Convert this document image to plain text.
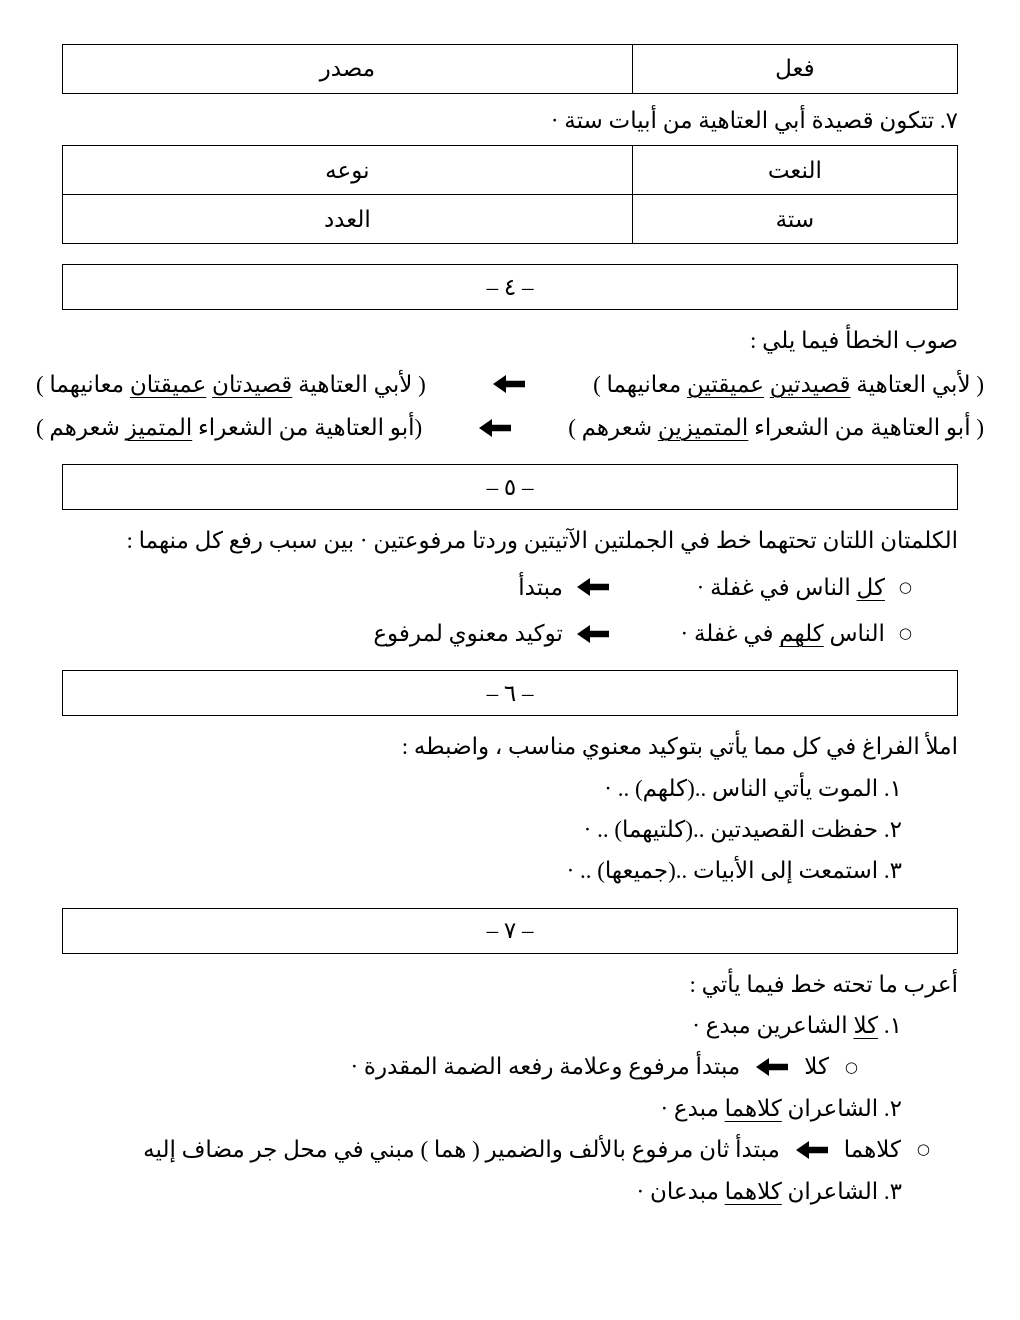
فعل	مصدر

٧. تتكون قصيدة أبي العتاهية من أبيات ستة ·

النعت	نوعه
ستة	العدد
– ٤ –

صوب الخطأ فيما يلي :

( لأبي العتاهية قصيدتين عميقتين معانيهما )
( لأبي العتاهية قصيدتان عميقتان معانيهما )
( أبو العتاهية من الشعراء المتميزين شعرهم )
(أبو العتاهية من الشعراء المتميز شعرهم )
– ٥ –

الكلمتان اللتان تحتهما خط في الجملتين الآتيتين وردتا مرفوعتين · بين سبب رفع كل منهما :

○
كل الناس في غفلة ·
مبتدأ
○
الناس كلهم في غفلة ·
توكيد معنوي لمرفوع
– ٦ –

املأ الفراغ في كل مما يأتي بتوكيد معنوي مناسب ، واضبطه :

١. الموت يأتي الناس ..(كلهم) .. ·

٢. حفظت القصيدتين ..(كلتيهما) .. ·

٣. استمعت إلى الأبيات ..(جميعها) .. ·

– ٧ –

أعرب ما تحته خط فيما يأتي :

١. كلا الشاعرين مبدع ·

○
كلا
مبتدأ مرفوع وعلامة رفعه الضمة المقدرة ·

٢. الشاعران كلاهما مبدع ·

○
كلاهما
مبتدأ ثان مرفوع بالألف والضمير ( هما ) مبني في محل جر مضاف إليه

٣. الشاعران كلاهما مبدعان ·
